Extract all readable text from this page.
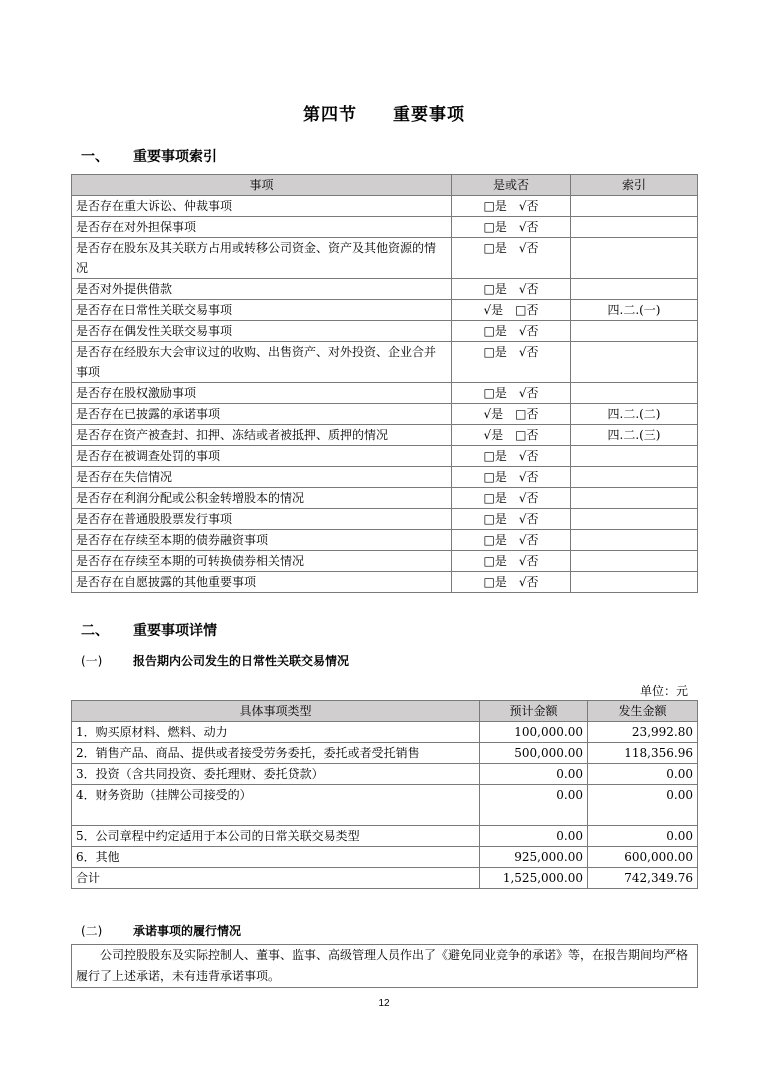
第四节　　重要事项
一、 重要事项索引
事项	是或否	索引
是否存在重大诉讼、仲裁事项	□是　√否	
是否存在对外担保事项	□是　√否	
是否存在股东及其关联方占用或转移公司资金、资产及其他资源的情况	□是　√否	
是否对外提供借款	□是　√否	
是否存在日常性关联交易事项	√是　□否	四.二.(一)
是否存在偶发性关联交易事项	□是　√否	
是否存在经股东大会审议过的收购、出售资产、对外投资、企业合并事项	□是　√否	
是否存在股权激励事项	□是　√否	
是否存在已披露的承诺事项	√是　□否	四.二.(二)
是否存在资产被查封、扣押、冻结或者被抵押、质押的情况	√是　□否	四.二.(三)
是否存在被调查处罚的事项	□是　√否	
是否存在失信情况	□是　√否	
是否存在利润分配或公积金转增股本的情况	□是　√否	
是否存在普通股股票发行事项	□是　√否	
是否存在存续至本期的债券融资事项	□是　√否	
是否存在存续至本期的可转换债券相关情况	□是　√否	
是否存在自愿披露的其他重要事项	□是　√否	
二、 重要事项详情
(一)	报告期内公司发生的日常性关联交易情况
单位：元
具体事项类型	预计金额	发生金额
1．购买原材料、燃料、动力	100,000.00	23,992.80
2．销售产品、商品、提供或者接受劳务委托，委托或者受托销售	500,000.00	118,356.96
3．投资（含共同投资、委托理财、委托贷款）	0.00	0.00
4．财务资助（挂牌公司接受的）	0.00	0.00
5．公司章程中约定适用于本公司的日常关联交易类型	0.00	0.00
6．其他	925,000.00	600,000.00
合计	1,525,000.00	742,349.76
(二)	承诺事项的履行情况
公司控股股东及实际控制人、董事、监事、高级管理人员作出了《避免同业竞争的承诺》等，在报告期间均严格履行了上述承诺，未有违背承诺事项。
12
